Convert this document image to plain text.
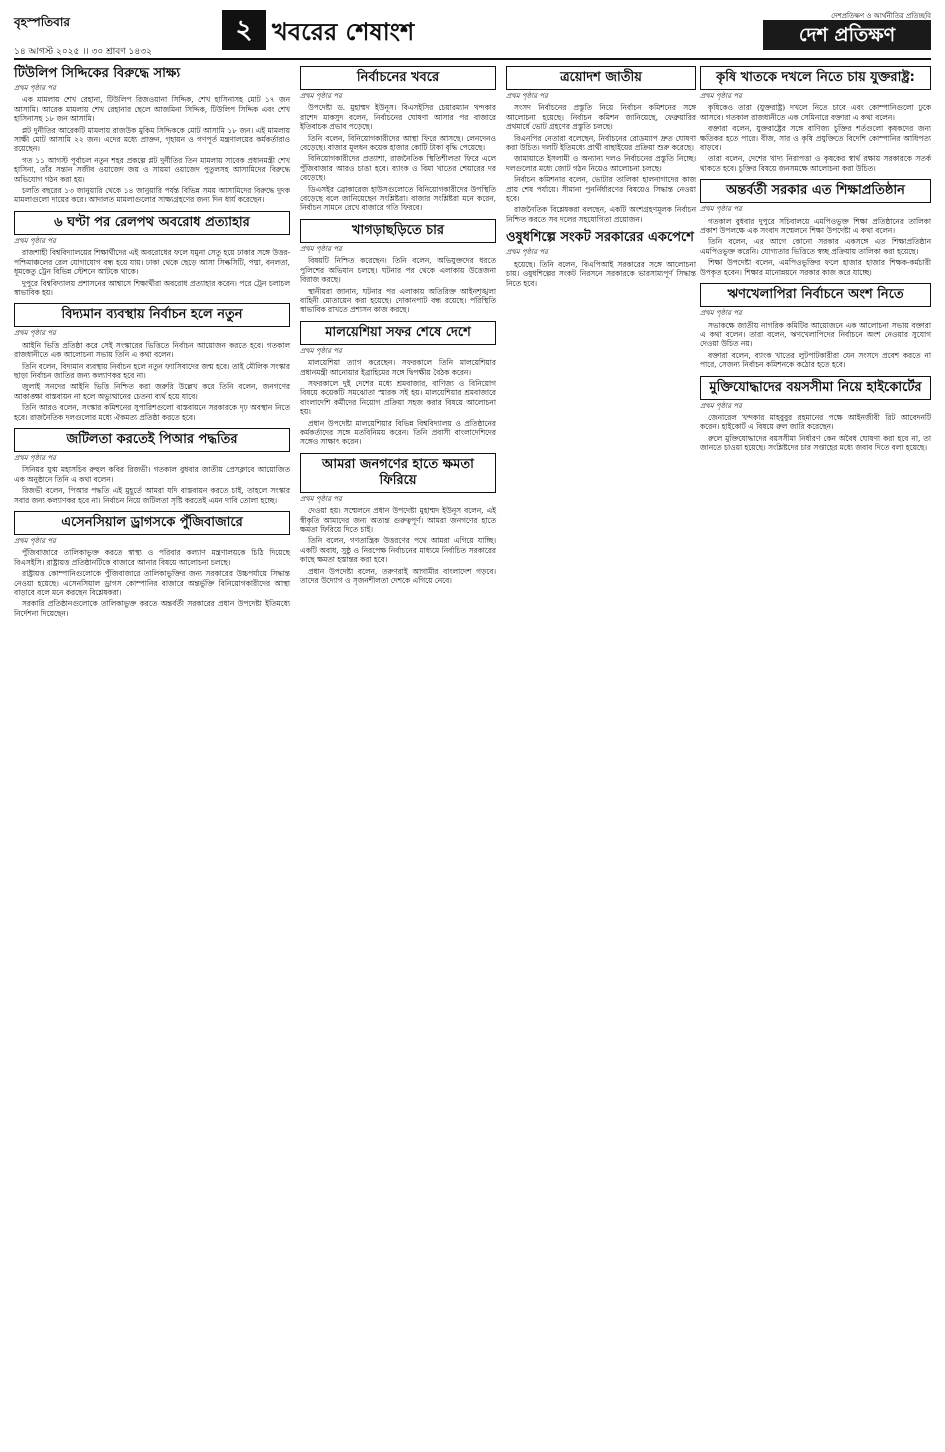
বৃহস্পতিবার
১৪ আগস্ট ২০২৫ ।। ৩০ শ্রাবণ ১৪৩২
পৃষ্ঠা ২ খবরের শেষাংশ
দেশপ্রতিক্ষণ ও আর্থনীতির প্রতিচ্ছবি
দেশ প্রতিক্ষণ
টিউলিপ সিদ্দিকের বিরুদ্ধে সাক্ষ্য
প্রথম পৃষ্ঠার পর

এক মামলায় শেখ রেহানা, টিউলিপ রিজওয়ানা সিদ্দিক, শেখ হাসিনাসহ মোট ১৭ জন আসামি। আরেক মামলায় শেখ রেহানার ছেলে আজমিনা সিদ্দিক, টিউলিপ সিদ্দিক এবং শেখ হাসিনাসহ ১৮ জন আসামি।

প্লট দুর্নীতির আরেকটি মামলায় রাজউক মুকিম সিদ্দিককে মোট আসামি ১৮ জন। এই মামলায় সাক্ষী মোট আসামি ২২ জন। এদের মধ্যে প্রাক্তন, গৃহায়ন ও গণপূর্ত মন্ত্রণালয়ের কর্মকর্তারাও রয়েছেন।

গত ১১ আগস্ট পূর্বাচল নতুন শহর প্রকল্পে প্লট দুর্নীতির তিন মামলায় সাবেক প্রধানমন্ত্রী শেখ হাসিনা, তাঁর সন্তান সজীব ওয়াজেদ জয় ও সায়মা ওয়াজেদ পুতুলসহ আসামিদের বিরুদ্ধে অভিযোগ গঠন করা হয়।

চলতি বছরের ১৩ জানুয়ারি থেকে ১৪ জানুয়ারি পর্যন্ত বিভিন্ন সময় আসামিদের বিরুদ্ধে দুদক মামলাগুলো দায়ের করে। আদালত মামলাগুলোর সাক্ষ্যগ্রহণের জন্য দিন ধার্য করেছেন।

৬ ঘণ্টা পর রেলপথ অবরোধ প্রত্যাহার
প্রথম পৃষ্ঠার পর

রাজশাহী বিশ্ববিদ্যালয়ের শিক্ষার্থীদের এই অবরোধের ফলে যমুনা সেতু হয়ে ঢাকার সঙ্গে উত্তর-পশ্চিমাঞ্চলের রেল যোগাযোগ বন্ধ হয়ে যায়। ঢাকা থেকে ছেড়ে আসা সিল্কসিটি, পদ্মা, বনলতা, ধূমকেতু ট্রেন বিভিন্ন স্টেশনে আটকে থাকে।

দুপুরে বিশ্ববিদ্যালয় প্রশাসনের আশ্বাসে শিক্ষার্থীরা অবরোধ প্রত্যাহার করেন। পরে ট্রেন চলাচল স্বাভাবিক হয়।

বিদ্যমান ব্যবস্থায় নির্বাচন হলে নতুন
প্রথম পৃষ্ঠার পর

আইনি ভিত্তি প্রতিষ্ঠা করে সেই সংস্কারের ভিত্তিতে নির্বাচন আয়োজন করতে হবে। গতকাল রাজধানীতে এক আলোচনা সভায় তিনি এ কথা বলেন।

তিনি বলেন, বিদ্যমান ব্যবস্থায় নির্বাচন হলে নতুন ফ্যাসিবাদের জন্ম হবে। তাই মৌলিক সংস্কার ছাড়া নির্বাচন জাতির জন্য কল্যাণকর হবে না।

জুলাই সনদের আইনি ভিত্তি নিশ্চিত করা জরুরি উল্লেখ করে তিনি বলেন, জনগণের আকাঙ্ক্ষা বাস্তবায়ন না হলে অভ্যুত্থানের চেতনা ব্যর্থ হয়ে যাবে।

তিনি আরও বলেন, সংস্কার কমিশনের সুপারিশগুলো বাস্তবায়নে সরকারকে দৃঢ় অবস্থান নিতে হবে। রাজনৈতিক দলগুলোর মধ্যে ঐকমত্য প্রতিষ্ঠা করতে হবে।

জটিলতা করতেই পিআর পদ্ধতির
প্রথম পৃষ্ঠার পর

সিনিয়র যুগ্ম মহাসচিব রুহুল কবির রিজভী। গতকাল বুধবার জাতীয় প্রেসক্লাবে আয়োজিত এক অনুষ্ঠানে তিনি এ কথা বলেন।

রিজভী বলেন, পিআর পদ্ধতি এই মুহূর্তে আমরা যদি বাস্তবায়ন করতে চাই, তাহলে সংস্কার সবার জন্য কল্যাণকর হবে না। নির্বাচন নিয়ে জটিলতা সৃষ্টি করতেই এমন দাবি তোলা হচ্ছে।

এসেনসিয়াল ড্রাগসকে পুঁজিবাজারে
প্রথম পৃষ্ঠার পর

পুঁজিবাজারে তালিকাভুক্ত করতে স্বাস্থ্য ও পরিবার কল্যাণ মন্ত্রণালয়কে চিঠি দিয়েছে বিএসইসি। রাষ্ট্রায়ত্ত প্রতিষ্ঠানটিকে বাজারে আনার বিষয়ে আলোচনা চলছে।

রাষ্ট্রায়ত্ত কোম্পানিগুলোকে পুঁজিবাজারে তালিকাভুক্তির জন্য সরকারের উচ্চপর্যায়ে সিদ্ধান্ত নেওয়া হয়েছে। এসেনসিয়াল ড্রাগস কোম্পানির বাজারে অন্তর্ভুক্তি বিনিয়োগকারীদের আস্থা বাড়াবে বলে মনে করছেন বিশ্লেষকরা।

সরকারি প্রতিষ্ঠানগুলোকে তালিকাভুক্ত করতে অন্তর্বর্তী সরকারের প্রধান উপদেষ্টা ইতিমধ্যে নির্দেশনা দিয়েছেন।

নির্বাচনের খবরে
প্রথম পৃষ্ঠার পর

উপদেষ্টা ড. মুহাম্মদ ইউনূস। বিএসইসির চেয়ারম্যান খন্দকার রাশেদ মাকসুদ বলেন, নির্বাচনের ঘোষণা আসার পর বাজারে ইতিবাচক প্রভাব পড়েছে।

তিনি বলেন, বিনিয়োগকারীদের আস্থা ফিরে আসছে। লেনদেনও বেড়েছে। বাজার মূলধন কয়েক হাজার কোটি টাকা বৃদ্ধি পেয়েছে।

বিনিয়োগকারীদের প্রত্যাশা, রাজনৈতিক স্থিতিশীলতা ফিরে এলে পুঁজিবাজার আরও চাঙা হবে। ব্যাংক ও বিমা খাতের শেয়ারের দর বেড়েছে।

ডিএসইর ব্রোকারেজ হাউসগুলোতে বিনিয়োগকারীদের উপস্থিতি বেড়েছে বলে জানিয়েছেন সংশ্লিষ্টরা। বাজার সংশ্লিষ্টরা মনে করেন, নির্বাচন সামনে রেখে বাজারে গতি ফিরবে।

খাগড়াছড়িতে চার
প্রথম পৃষ্ঠার পর

বিষয়টি নিশ্চিত করেছেন। তিনি বলেন, অভিযুক্তদের ধরতে পুলিশের অভিযান চলছে। ঘটনার পর থেকে এলাকায় উত্তেজনা বিরাজ করছে।

স্থানীয়রা জানান, ঘটনার পর এলাকায় অতিরিক্ত আইনশৃঙ্খলা বাহিনী মোতায়েন করা হয়েছে। দোকানপাট বন্ধ রয়েছে। পরিস্থিতি স্বাভাবিক রাখতে প্রশাসন কাজ করছে।

মালয়েশিয়া সফর শেষে দেশে
প্রথম পৃষ্ঠার পর

মালয়েশিয়া ত্যাগ করেছেন। সফরকালে তিনি মালয়েশিয়ার প্রধানমন্ত্রী আনোয়ার ইব্রাহিমের সঙ্গে দ্বিপক্ষীয় বৈঠক করেন।

সফরকালে দুই দেশের মধ্যে শ্রমবাজার, বাণিজ্য ও বিনিয়োগ বিষয়ে কয়েকটি সমঝোতা স্মারক সই হয়। মালয়েশিয়ার শ্রমবাজারে বাংলাদেশি কর্মীদের নিয়োগ প্রক্রিয়া সহজ করার বিষয়ে আলোচনা হয়।

প্রধান উপদেষ্টা মালয়েশিয়ার বিভিন্ন বিশ্ববিদ্যালয় ও প্রতিষ্ঠানের কর্মকর্তাদের সঙ্গে মতবিনিময় করেন। তিনি প্রবাসী বাংলাদেশিদের সঙ্গেও সাক্ষাৎ করেন।

আমরা জনগণের হাতে ক্ষমতা ফিরিয়ে
প্রথম পৃষ্ঠার পর

দেওয়া হয়। সম্মেলনে প্রধান উপদেষ্টা মুহাম্মদ ইউনূস বলেন, এই স্বীকৃতি আমাদের জন্য অত্যন্ত গুরুত্বপূর্ণ। আমরা জনগণের হাতে ক্ষমতা ফিরিয়ে দিতে চাই।

তিনি বলেন, গণতান্ত্রিক উত্তরণের পথে আমরা এগিয়ে যাচ্ছি। একটি অবাধ, সুষ্ঠু ও নিরপেক্ষ নির্বাচনের মাধ্যমে নির্বাচিত সরকারের কাছে ক্ষমতা হস্তান্তর করা হবে।

প্রধান উপদেষ্টা বলেন, তরুণরাই আগামীর বাংলাদেশ গড়বে। তাদের উদ্যোগ ও সৃজনশীলতা দেশকে এগিয়ে নেবে।

ত্রয়োদশ জাতীয়
প্রথম পৃষ্ঠার পর

সংসদ নির্বাচনের প্রস্তুতি নিয়ে নির্বাচন কমিশনের সঙ্গে আলোচনা হয়েছে। নির্বাচন কমিশন জানিয়েছে, ফেব্রুয়ারির প্রথমার্ধে ভোট গ্রহণের প্রস্তুতি চলছে।

বিএনপির নেতারা বলেছেন, নির্বাচনের রোডম্যাপ দ্রুত ঘোষণা করা উচিত। দলটি ইতিমধ্যে প্রার্থী বাছাইয়ের প্রক্রিয়া শুরু করেছে।

জামায়াতে ইসলামী ও অন্যান্য দলও নির্বাচনের প্রস্তুতি নিচ্ছে। দলগুলোর মধ্যে জোট গঠন নিয়েও আলোচনা চলছে।

নির্বাচন কমিশনার বলেন, ভোটার তালিকা হালনাগাদের কাজ প্রায় শেষ পর্যায়ে। সীমানা পুনর্নির্ধারণের বিষয়েও সিদ্ধান্ত নেওয়া হবে।

রাজনৈতিক বিশ্লেষকরা বলছেন, একটি অংশগ্রহণমূলক নির্বাচন নিশ্চিত করতে সব দলের সহযোগিতা প্রয়োজন।

ওষুধশিল্পে সংকট সরকারের একপেশে
প্রথম পৃষ্ঠার পর

হয়েছে। তিনি বলেন, বিএপিআই সরকারের সঙ্গে আলোচনা চায়। ওষুধশিল্পের সংকট নিরসনে সরকারকে ভারসাম্যপূর্ণ সিদ্ধান্ত নিতে হবে।

কৃষি খাতকে দখলে নিতে চায় যুক্তরাষ্ট্র:
প্রথম পৃষ্ঠার পর

কৃষিকেও তারা (যুক্তরাষ্ট্র) দখলে নিতে চাবে এবং কোম্পানিগুলো ঢুকে আসবে। গতকাল রাজধানীতে এক সেমিনারে বক্তারা এ কথা বলেন।

বক্তারা বলেন, যুক্তরাষ্ট্রের সঙ্গে বাণিজ্য চুক্তির শর্তগুলো কৃষকদের জন্য ক্ষতিকর হতে পারে। বীজ, সার ও কৃষি প্রযুক্তিতে বিদেশি কোম্পানির আধিপত্য বাড়বে।

তারা বলেন, দেশের খাদ্য নিরাপত্তা ও কৃষকের স্বার্থ রক্ষায় সরকারকে সতর্ক থাকতে হবে। চুক্তির বিষয়ে জনসমক্ষে আলোচনা করা উচিত।

অন্তর্বর্তী সরকার এত শিক্ষাপ্রতিষ্ঠান
প্রথম পৃষ্ঠার পর

গতকাল বুধবার দুপুরে সচিবালয়ে এমপিওভুক্ত শিক্ষা প্রতিষ্ঠানের তালিকা প্রকাশ উপলক্ষে এক সংবাদ সম্মেলনে শিক্ষা উপদেষ্টা এ কথা বলেন।

তিনি বলেন, এর আগে কোনো সরকার একসঙ্গে এত শিক্ষাপ্রতিষ্ঠান এমপিওভুক্ত করেনি। যোগ্যতার ভিত্তিতে স্বচ্ছ প্রক্রিয়ায় তালিকা করা হয়েছে।

শিক্ষা উপদেষ্টা বলেন, এমপিওভুক্তির ফলে হাজার হাজার শিক্ষক-কর্মচারী উপকৃত হবেন। শিক্ষার মানোন্নয়নে সরকার কাজ করে যাচ্ছে।

ঋণখেলাপিরা নির্বাচনে অংশ নিতে
প্রথম পৃষ্ঠার পর

সভাকক্ষে জাতীয় নাগরিক কমিটির আয়োজনে এক আলোচনা সভায় বক্তারা এ কথা বলেন। তারা বলেন, ঋণখেলাপিদের নির্বাচনে অংশ নেওয়ার সুযোগ দেওয়া উচিত নয়।

বক্তারা বলেন, ব্যাংক খাতের লুটপাটকারীরা যেন সংসদে প্রবেশ করতে না পারে, সেজন্য নির্বাচন কমিশনকে কঠোর হতে হবে।

মুক্তিযোদ্ধাদের বয়সসীমা নিয়ে হাইকোর্টের
প্রথম পৃষ্ঠার পর

জেনারেল খন্দকার মাহবুবুর রহমানের পক্ষে আইনজীবী রিট আবেদনটি করেন। হাইকোর্ট এ বিষয়ে রুল জারি করেছেন।

রুলে মুক্তিযোদ্ধাদের বয়সসীমা নির্ধারণ কেন অবৈধ ঘোষণা করা হবে না, তা জানতে চাওয়া হয়েছে। সংশ্লিষ্টদের চার সপ্তাহের মধ্যে জবাব দিতে বলা হয়েছে।
